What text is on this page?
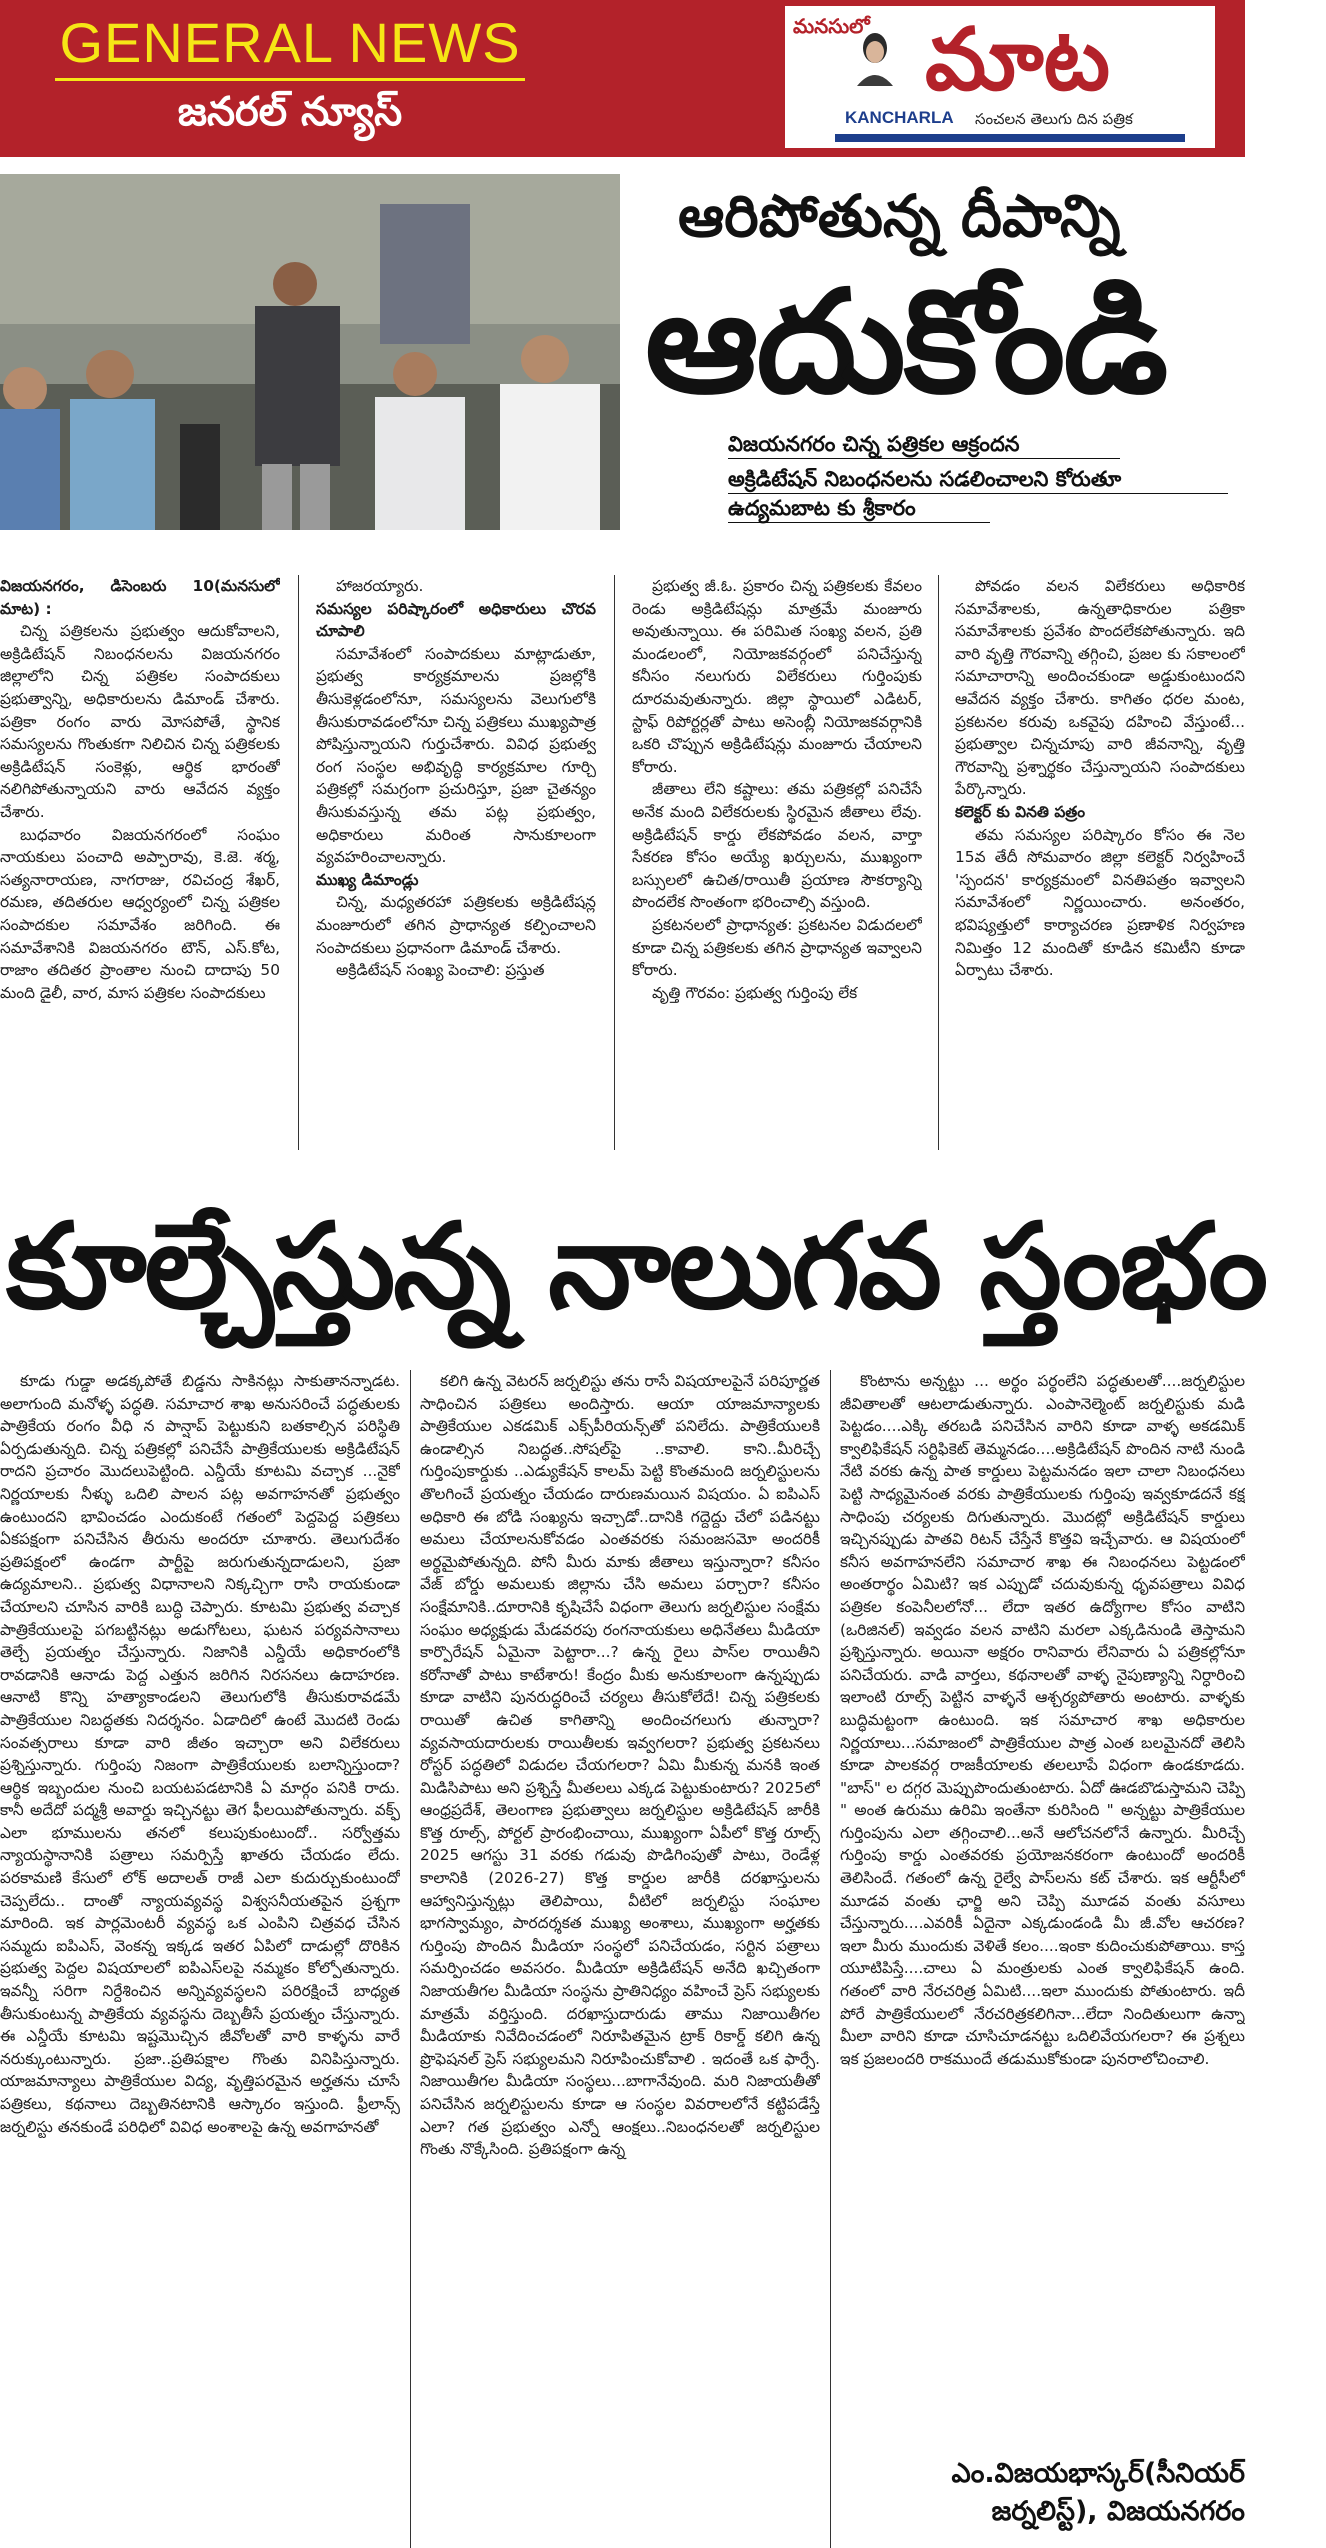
GENERAL NEWS
జనరల్ న్యూస్
మనసులో మాట
KANCHARLA సంచలన తెలుగు దిన పత్రిక
ఆరిపోతున్న దీపాన్ని
ఆదుకోండి
విజయనగరం చిన్న పత్రికల ఆక్రందన
అక్రిడిటేషన్ నిబంధనలను సడలించాలని కోరుతూ
ఉద్యమబాట కు శ్రీకారం

విజయనగరం, డిసెంబరు 10(మనసులో మాట) :

చిన్న పత్రికలను ప్రభుత్వం ఆదుకోవాలని, అక్రిడిటేషన్ నిబంధనలను విజయనగరం జిల్లాలోని చిన్న పత్రికల సంపాదకులు ప్రభుత్వాన్ని, అధికారులను డిమాండ్ చేశారు. పత్రికా రంగం వారు మోసపోతే, స్థానిక సమస్యలను గొంతుకగా నిలిచిన చిన్న పత్రికలకు అక్రిడిటేషన్ సంకెళ్లు, ఆర్థిక భారంతో నలిగిపోతున్నాయని వారు ఆవేదన వ్యక్తం చేశారు.

బుధవారం విజయనగరంలో సంఘం నాయకులు పంచాది అప్పారావు, కె.జె. శర్మ, సత్యనారాయణ, నాగరాజు, రవిచంద్ర శేఖర్, రమణ, తదితరుల ఆధ్వర్యంలో చిన్న పత్రికల సంపాదకుల సమావేశం జరిగింది. ఈ సమావేశానికి విజయనగరం టౌన్, ఎస్.కోట, రాజాం తదితర ప్రాంతాల నుంచి దాదాపు 50 మంది డైలీ, వార, మాస పత్రికల సంపాదకులు

హాజరయ్యారు.

సమస్యల పరిష్కారంలో అధికారులు చొరవ చూపాలి

సమావేశంలో సంపాదకులు మాట్లాడుతూ, ప్రభుత్వ కార్యక్రమాలను ప్రజల్లోకి తీసుకెళ్లడంలోనూ, సమస్యలను వెలుగులోకి తీసుకురావడంలోనూ చిన్న పత్రికలు ముఖ్యపాత్ర పోషిస్తున్నాయని గుర్తుచేశారు. వివిధ ప్రభుత్వ రంగ సంస్థల అభివృద్ధి కార్యక్రమాల గూర్చి పత్రికల్లో సమగ్రంగా ప్రచురిస్తూ, ప్రజా చైతన్యం తీసుకువస్తున్న తమ పట్ల ప్రభుత్వం, అధికారులు మరింత సానుకూలంగా వ్యవహరించాలన్నారు.

ముఖ్య డిమాండ్లు

చిన్న, మధ్యతరహా పత్రికలకు అక్రిడిటేషన్ల మంజూరులో తగిన ప్రాధాన్యత కల్పించాలని సంపాదకులు ప్రధానంగా డిమాండ్ చేశారు.

అక్రిడిటేషన్ సంఖ్య పెంచాలి: ప్రస్తుత

ప్రభుత్వ జీ.ఓ. ప్రకారం చిన్న పత్రికలకు కేవలం రెండు అక్రిడిటేషన్లు మాత్రమే మంజూరు అవుతున్నాయి. ఈ పరిమిత సంఖ్య వలన, ప్రతి మండలంలో, నియోజకవర్గంలో పనిచేస్తున్న కనీసం నలుగురు విలేకరులు గుర్తింపుకు దూరమవుతున్నారు. జిల్లా స్థాయిలో ఎడిటర్, స్టాఫ్ రిపోర్టర్లతో పాటు అసెంబ్లీ నియోజకవర్గానికి ఒకరి చొప్పున అక్రిడిటేషన్లు మంజూరు చేయాలని కోరారు.

జీతాలు లేని కష్టాలు: తమ పత్రికల్లో పనిచేసే అనేక మంది విలేకరులకు స్థిరమైన జీతాలు లేవు. అక్రిడిటేషన్ కార్డు లేకపోవడం వలన, వార్తా సేకరణ కోసం అయ్యే ఖర్చులను, ముఖ్యంగా బస్సులలో ఉచిత/రాయితీ ప్రయాణ సౌకర్యాన్ని పొందలేక సొంతంగా భరించాల్సి వస్తుంది.

ప్రకటనలలో ప్రాధాన్యత: ప్రకటనల విడుదలలో కూడా చిన్న పత్రికలకు తగిన ప్రాధాన్యత ఇవ్వాలని కోరారు.

వృత్తి గౌరవం: ప్రభుత్వ గుర్తింపు లేక

పోవడం వలన విలేకరులు అధికారిక సమావేశాలకు, ఉన్నతాధికారుల పత్రికా సమావేశాలకు ప్రవేశం పొందలేకపోతున్నారు. ఇది వారి వృత్తి గౌరవాన్ని తగ్గించి, ప్రజల కు సకాలంలో సమాచారాన్ని అందించకుండా అడ్డుకుంటుందని ఆవేదన వ్యక్తం చేశారు. కాగితం ధరల మంట, ప్రకటనల కరువు ఒకవైపు దహించి వేస్తుంటే... ప్రభుత్వాల చిన్నచూపు వారి జీవనాన్ని, వృత్తి గౌరవాన్ని ప్రశ్నార్థకం చేస్తున్నాయని సంపాదకులు పేర్కొన్నారు.

కలెక్టర్ కు వినతి పత్రం

తమ సమస్యల పరిష్కారం కోసం ఈ నెల 15వ తేదీ సోమవారం జిల్లా కలెక్టర్ నిర్వహించే 'స్పందన' కార్యక్రమంలో వినతిపత్రం ఇవ్వాలని సమావేశంలో నిర్ణయించారు. అనంతరం, భవిష్యత్తులో కార్యాచరణ ప్రణాళిక నిర్వహణ నిమిత్తం 12 మందితో కూడిన కమిటీని కూడా ఏర్పాటు చేశారు.

కూల్చేస్తున్న నాలుగవ స్తంభం

కూడు గుడ్డా అడక్కపోతే బిడ్డను సాకినట్లు సాకుతానన్నాడట. అలాగుంది మనోళ్ళ పద్ధతి. సమాచార శాఖ అనుసరించే పద్ధతులకు పాత్రికేయ రంగం వీధి న పాన్షాప్ పెట్టుకుని బతకాల్సిన పరిస్థితి ఏర్పడుతున్నది. చిన్న పత్రికల్లో పనిచేసే పాత్రికేయులకు అక్రిడిటేషన్ రాదని ప్రచారం మొదలుపెట్టింది. ఎన్డీయే కూటమి వచ్చాక ...నైకో నిర్ణయాలకు నీళ్ళు ఒదిలి పాలన పట్ల అవగాహనతో ప్రభుత్వం ఉంటుందని భావించడం ఎందుకంటే గతంలో పెద్దపెద్ద పత్రికలు ఏకపక్షంగా పనిచేసిన తీరును అందరూ చూశారు. తెలుగుదేశం ప్రతిపక్షంలో ఉండగా పార్టీపై జరుగుతున్నదాడులని, ప్రజా ఉద్యమాలని.. ప్రభుత్వ విధానాలని నిక్కచ్చిగా రాసి రాయకుండా చేయాలని చూసిన వారికి బుద్ధి చెప్పారు. కూటమి ప్రభుత్వ వచ్చాక పాత్రికేయులపై పగబట్టినట్లు అడుగోటలు, ఘటన పర్యవసానాలు తెల్చే ప్రయత్నం చేస్తున్నారు. నిజానికి ఎన్డీయే అధికారంలోకి రావడానికి ఆనాడు పెద్ద ఎత్తున జరిగిన నిరసనలు ఉదాహరణ. ఆనాటి కొన్ని హత్యాకాండలని తెలుగులోకి తీసుకురావడమే పాత్రికేయుల నిబద్ధతకు నిదర్శనం. ఏడాదిలో ఉంటే మొదటి రెండు సంవత్సరాలు కూడా వారి జీతం ఇచ్చారా అని విలేకరులు ప్రశ్నిస్తున్నారు. గుర్తింపు నిజంగా పాత్రికేయులకు బలాన్నిస్తుందా? ఆర్థిక ఇబ్బందుల నుంచి బయటపడటానికి ఏ మార్గం పనికి రాదు. కానీ అదేదో పద్మశ్రీ అవార్డు ఇచ్చినట్టు తెగ ఫీలయిపోతున్నారు. వక్ఫ్ ఎలా భూములను తనలో కలుపుకుంటుందో.. సర్వోత్తమ న్యాయస్థానానికి పత్రాలు సమర్పిస్తే ఖాతరు చేయడం లేదు. పరకామణి కేసులో లోక్ అదాలత్ రాజీ ఎలా కుదుర్చుకుంటుందో చెప్పలేదు.. దాంతో న్యాయవ్యవస్థ విశ్వసనీయతపైన ప్రశ్నగా మారింది. ఇక పార్లమెంటరీ వ్యవస్థ ఒక ఎంపిని చిత్రవధ చేసిన సమ్మదు ఐపిఎస్, వెంకన్న ఇక్కడ ఇతర ఏపిలో దాడుల్లో దొరికిన ప్రభుత్వ పెద్దల విషయాలలో ఐపిఎస్‌లపై నమ్మకం కోల్పోతున్నారు. ఇవన్నీ సరిగా నిర్దేశించిన అన్నివ్యవస్థలని పరిరక్షించే బాధ్యత తీసుకుంటున్న పాత్రికేయ వ్యవస్థను దెబ్బతీసే ప్రయత్నం చేస్తున్నారు. ఈ ఎన్డీయే కూటమి ఇష్టమొచ్చిన జీవోలతో వారి కాళ్ళను వారే నరుక్కుంటున్నారు. ప్రజా..ప్రతిపక్షాల గొంతు వినిపిస్తున్నారు. యాజమాన్యాలు పాత్రికేయుల విద్య, వృత్తిపరమైన అర్హతను చూసే పత్రికలు, కథనాలు దెబ్బతినటానికి ఆస్కారం ఇస్తుంది. ఫ్రీలాన్స్ జర్నలిస్టు తనకుండే పరిధిలో వివిధ అంశాలపై ఉన్న అవగాహనతో

కలిగి ఉన్న వెటరన్ జర్నలిస్టు తను రాసే విషయాలపైనే పరిపూర్ణత సాధించిన పత్రికలు అందిస్తారు. ఆయా యాజమాన్యాలకు పాత్రికేయుల ఎకడమిక్ ఎక్స్‌పీరియన్స్‌తో పనిలేదు. పాత్రికేయులకి ఉండాల్సిన నిబద్ధత..సోషల్‌పై ..కావాలి. కాని..మీరిచ్చే గుర్తింపుకార్డుకు ..ఎడ్యుకేషన్ కాలమ్ పెట్టి కొంతమంది జర్నలిస్టులను తొలగించే ప్రయత్నం చేయడం దారుణమయిన విషయం. ఏ ఐపిఎస్ అధికారి ఈ బోడి సంఖ్యను ఇచ్చాడో..దానికి గద్దెద్దు చేలో పడినట్టు అమలు చేయాలనుకోవడం ఎంతవరకు సమంజసమో అందరికీ అర్థమైపోతున్నది. పోనీ మీరు మాకు జీతాలు ఇస్తున్నారా? కనీసం వేజ్ బోర్డు అమలుకు జిల్లాను చేసి అమలు పర్చారా? కనీసం సంక్షేమానికి..దూరానికి కృషిచేసే విధంగా తెలుగు జర్నలిస్టుల సంక్షేమ సంఘం అధ్యక్షుడు మేడవరపు రంగనాయకులు అధినేతలు మీడియా కార్పొరేషన్ ఏమైనా పెట్టారా...? ఉన్న రైలు పాస్‌ల రాయితీని కరోనాతో పాటు కాటేశారు! కేంద్రం మీకు అనుకూలంగా ఉన్నప్పుడు కూడా వాటిని పునరుద్ధరించే చర్యలు తీసుకోలేదే! చిన్న పత్రికలకు రాయితో ఉచిత కాగితాన్ని అందించగలుగు తున్నారా? వ్యవసాయదారులకు రాయితీలకు ఇవ్వగలరా? ప్రభుత్వ ప్రకటనలు రోస్టర్ పద్ధతిలో విడుదల చేయగలరా? ఏమి మీకున్న మనకి ఇంత మిడిసిపాటు అని ప్రశ్నిస్తే మీతలలు ఎక్కడ పెట్టుకుంటారు? 2025లో ఆంధ్రప్రదేశ్, తెలంగాణ ప్రభుత్వాలు జర్నలిస్టుల అక్రిడిటేషన్ జారీకి కొత్త రూల్స్, పోర్టల్ ప్రారంభించాయి, ముఖ్యంగా ఏపీలో కొత్త రూల్స్ 2025 ఆగస్టు 31 వరకు గడువు పొడిగింపుతో పాటు, రెండేళ్ల కాలానికి (2026-27) కొత్త కార్డుల జారీకి దరఖాస్తులను ఆహ్వానిస్తున్నట్లు తెలిపాయి, వీటిలో జర్నలిస్టు సంఘాల భాగస్వామ్యం, పారదర్శకత ముఖ్య అంశాలు, ముఖ్యంగా అర్హతకు గుర్తింపు పొందిన మీడియా సంస్థలో పనిచేయడం, సర్టిన పత్రాలు సమర్పించడం అవసరం. మీడియా అక్రిడిటేషన్ అనేది ఖచ్చితంగా నిజాయతీగల మీడియా సంస్థను ప్రాతినిధ్యం వహించే ప్రెస్ సభ్యులకు మాత్రమే వర్తిస్తుంది. దరఖాస్తుదారుడు తాము నిజాయితీగల మీడియాకు నివేదించడంలో నిరూపితమైన ట్రాక్ రికార్డ్ కలిగి ఉన్న ప్రొఫెషనల్ ప్రెస్ సభ్యులమని నిరూపించుకోవాలి . ఇదంతే ఒక ఫార్సే. నిజాయితీగల మీడియా సంస్థలు...బాగానేవుంది. మరి నిజాయతీతో పనిచేసిన జర్నలిస్టులను కూడా ఆ సంస్థల వివరాలలోనే కట్టిపడేస్తే ఎలా? గత ప్రభుత్వం ఎన్నో ఆంక్షలు..నిబంధనలతో జర్నలిస్టుల గొంతు నొక్కేసింది. ప్రతిపక్షంగా ఉన్న

కొంటాను అన్నట్టు ... అర్థం పర్థంలేని పద్ధతులతో....జర్నలిస్టుల జీవితాలతో ఆటలాడుతున్నారు. ఎంపానెల్మెంట్ జర్నలిస్టుకు మడి పెట్టడం....ఎక్కి తరబడి పనిచేసిన వారిని కూడా వాళ్ళ అకడమిక్ క్వాలిఫికేషన్ సర్టిఫికెట్ తెమ్మనడం....అక్రిడిటేషన్ పొందిన నాటి నుండి నేటి వరకు ఉన్న పాత కార్డులు పెట్టమనడం ఇలా చాలా నిబంధనలు పెట్టి సాధ్యమైనంత వరకు పాత్రికేయులకు గుర్తింపు ఇవ్వకూడదనే కక్ష సాధింపు చర్యలకు దిగుతున్నారు. మొదట్లో అక్రిడిటేషన్ కార్డులు ఇచ్చినప్పుడు పాతవి రిటన్ చేస్తేనే కొత్తవి ఇచ్చేవారు. ఆ విషయంలో కనీస అవగాహనలేని సమాచార శాఖ ఈ నిబంధనలు పెట్టడంలో అంతరార్థం ఏమిటి? ఇక ఎప్పుడో చదువుకున్న ధృవపత్రాలు వివిధ పత్రికల కంపెనీలలోనో... లేదా ఇతర ఉద్యోగాల కోసం వాటిని (ఒరిజినల్) ఇవ్వడం వలన వాటిని మరలా ఎక్కడినుండి తెస్తామని ప్రశ్నిస్తున్నారు. అయినా అక్షరం రానివారు లేనివారు ఏ పత్రికల్లోనూ పనిచేయరు. వాడి వార్తలు, కథనాలతో వాళ్ళ నైపుణ్యాన్ని నిర్ధారించి ఇలాంటి రూల్స్ పెట్టిన వాళ్ళనే ఆశ్చర్యపోతారు అంటారు. వాళ్ళకు బుద్ధిమట్టంగా ఉంటుంది. ఇక సమాచార శాఖ అధికారుల నిర్ణయాలు...సమాజంలో పాత్రికేయుల పాత్ర ఎంత బలమైనదో తెలిసి కూడా పాలకవర్గ రాజకీయాలకు తలలూపే విధంగా ఉండకూడదు. "బాస్" ల దగ్గర మెప్పుపొందుతుంటారు. ఏదో ఊడబొడుస్తామని చెప్పి " అంత ఉరుము ఉరిమి ఇంతేనా కురిసింది " అన్నట్టు పాత్రికేయుల గుర్తింపును ఎలా తగ్గించాలి...అనే ఆలోచనలోనే ఉన్నారు. మీరిచ్చే గుర్తింపు కార్డు ఎంతవరకు ప్రయోజనకరంగా ఉంటుందో అందరికీ తెలిసిందే. గతంలో ఉన్న రైల్వే పాస్‌లను కట్ చేశారు. ఇక ఆర్టీసీలో మూడవ వంతు ఛార్జి అని చెప్పి మూడవ వంతు వసూలు చేస్తున్నారు....ఎవరికీ ఏదైనా ఎక్కడుండండి మీ జీ.వోల ఆచరణ? ఇలా మీరు ముందుకు వెళితే కలం....ఇంకా కుదించుకుపోతాయి. కాస్త యూటిపిస్తే....చాలు ఏ మంత్రులకు ఎంత క్వాలిఫికేషన్ ఉంది. గతంలో వారి నేరచరిత్ర ఏమిటి....ఇలా ముందుకు పోతుంటారు. ఇదీ పోరే పాత్రికేయులలో నేరచరిత్రకలిగినా...లేదా నిందితులుగా ఉన్నా మీలా వారిని కూడా చూసిచూడనట్టు ఒదిలివేయగలరా? ఈ ప్రశ్నలు ఇక ప్రజలందరి రాకముందే తడుముకోకుండా పునరాలోచించాలి.

ఎం.విజయభాస్కర్(సీనియర్
జర్నలిస్ట్), విజయనగరం
